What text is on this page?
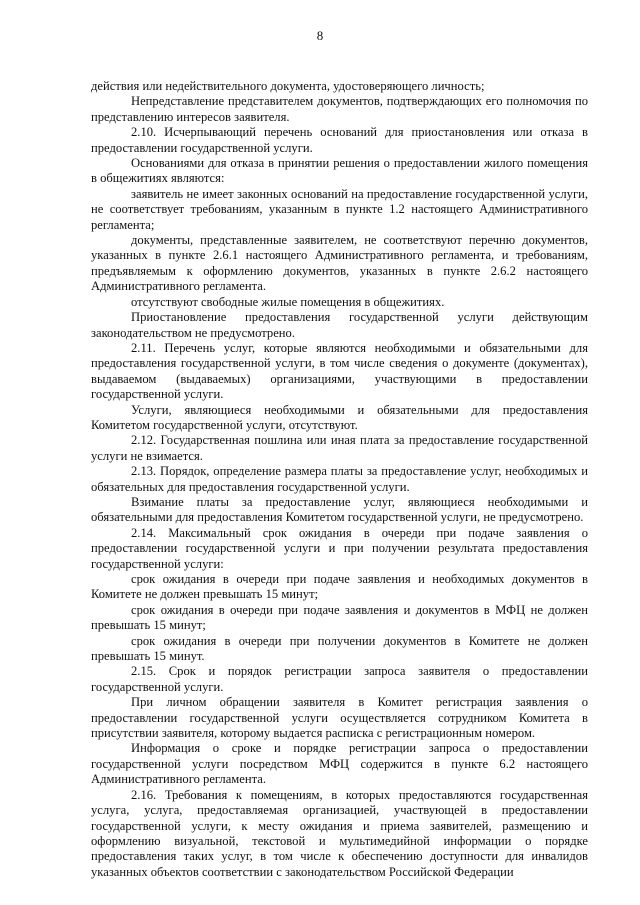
8

действия или недействительного документа, удостоверяющего личность;

Непредставление представителем документов, подтверждающих его полномочия по представлению интересов заявителя.

2.10. Исчерпывающий перечень оснований для приостановления или отказа в предоставлении государственной услуги.

Основаниями для отказа в принятии решения о предоставлении жилого помещения в общежитиях являются:

заявитель не имеет законных оснований на предоставление государственной услуги, не соответствует требованиям, указанным в пункте 1.2 настоящего Административного регламента;

документы, представленные заявителем, не соответствуют перечню документов, указанных в пункте 2.6.1 настоящего Административного регламента, и требованиям, предъявляемым к оформлению документов, указанных в пункте 2.6.2 настоящего Административного регламента.

отсутствуют свободные жилые помещения в общежитиях.

Приостановление предоставления государственной услуги действующим законодательством не предусмотрено.

2.11. Перечень услуг, которые являются необходимыми и обязательными для предоставления государственной услуги, в том числе сведения о документе (документах), выдаваемом (выдаваемых) организациями, участвующими в предоставлении государственной услуги.

Услуги, являющиеся необходимыми и обязательными для предоставления Комитетом государственной услуги, отсутствуют.

2.12. Государственная пошлина или иная плата за предоставление государственной услуги не взимается.

2.13. Порядок, определение размера платы за предоставление услуг, необходимых и обязательных для предоставления государственной услуги.

Взимание платы за предоставление услуг, являющиеся необходимыми и обязательными для предоставления Комитетом государственной услуги, не предусмотрено.

2.14. Максимальный срок ожидания в очереди при подаче заявления о предоставлении государственной услуги и при получении результата предоставления государственной услуги:

срок ожидания в очереди при подаче заявления и необходимых документов в Комитете не должен превышать 15 минут;

срок ожидания в очереди при подаче заявления и документов в МФЦ не должен превышать 15 минут;

срок ожидания в очереди при получении документов в Комитете не должен превышать 15 минут.

2.15. Срок и порядок регистрации запроса заявителя о предоставлении государственной услуги.

При личном обращении заявителя в Комитет регистрация заявления о предоставлении государственной услуги осуществляется сотрудником Комитета в присутствии заявителя, которому выдается расписка с регистрационным номером.

Информация о сроке и порядке регистрации запроса о предоставлении государственной услуги посредством МФЦ содержится в пункте 6.2 настоящего Административного регламента.

2.16. Требования к помещениям, в которых предоставляются государственная услуга, услуга, предоставляемая организацией, участвующей в предоставлении государственной услуги, к месту ожидания и приема заявителей, размещению и оформлению визуальной, текстовой и мультимедийной информации о порядке предоставления таких услуг, в том числе к обеспечению доступности для инвалидов указанных объектов соответствии с законодательством Российской Федерации
